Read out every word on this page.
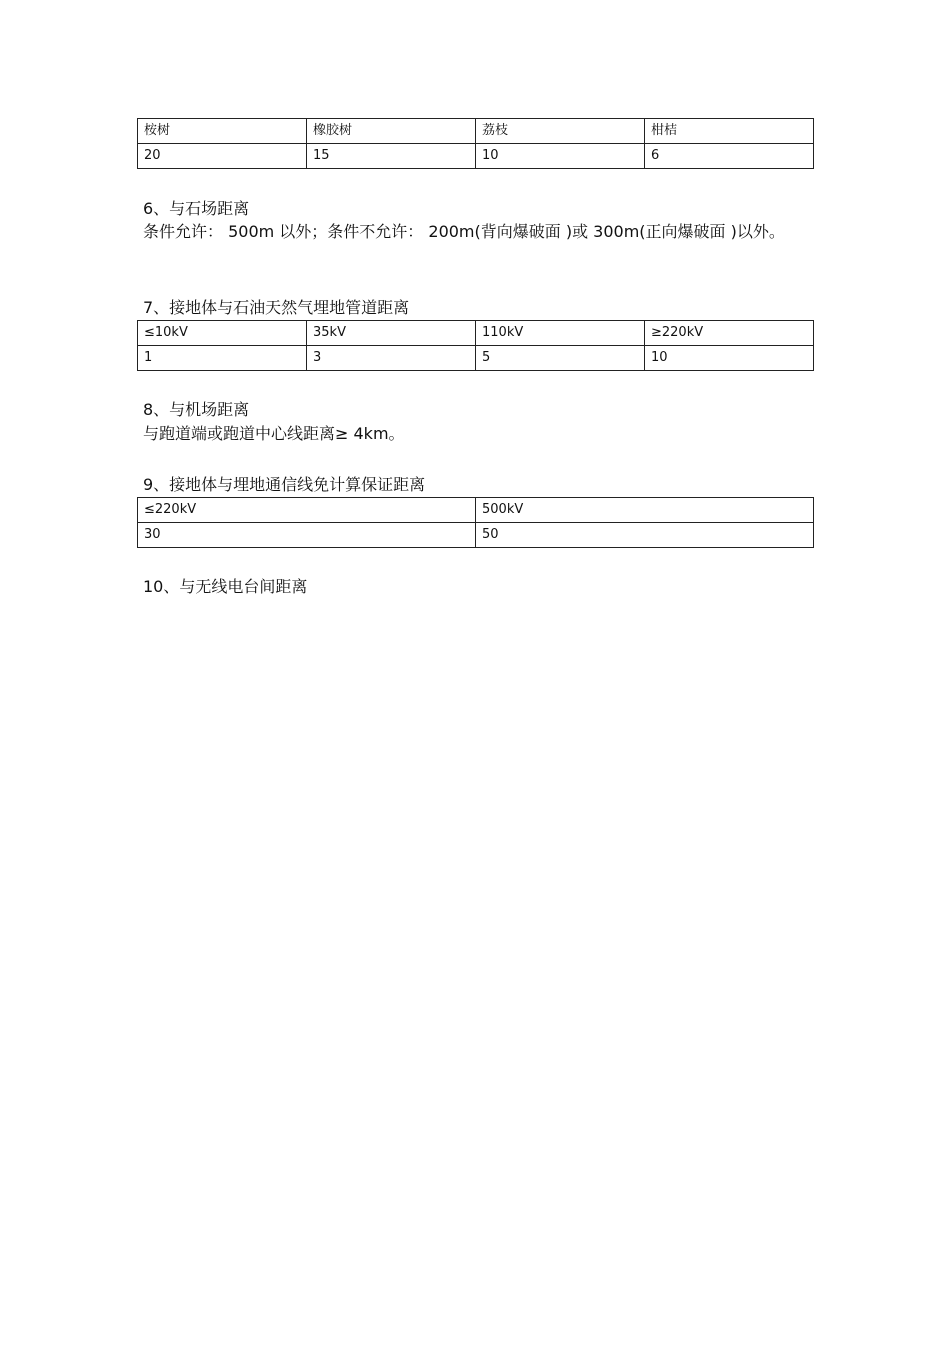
桉树	橡胶树	荔枝	柑桔
20	15	10	6

6、与石场距离

条件允许： 500m 以外；条件不允许： 200m(背向爆破面 )或 300m(正向爆破面 )以外。

7、接地体与石油天然气埋地管道距离

≤10kV	35kV	110kV	≥220kV
1	3	5	10

8、与机场距离

与跑道端或跑道中心线距离≥ 4km。

9、接地体与埋地通信线免计算保证距离

≤220kV	500kV
30	50

10、与无线电台间距离
